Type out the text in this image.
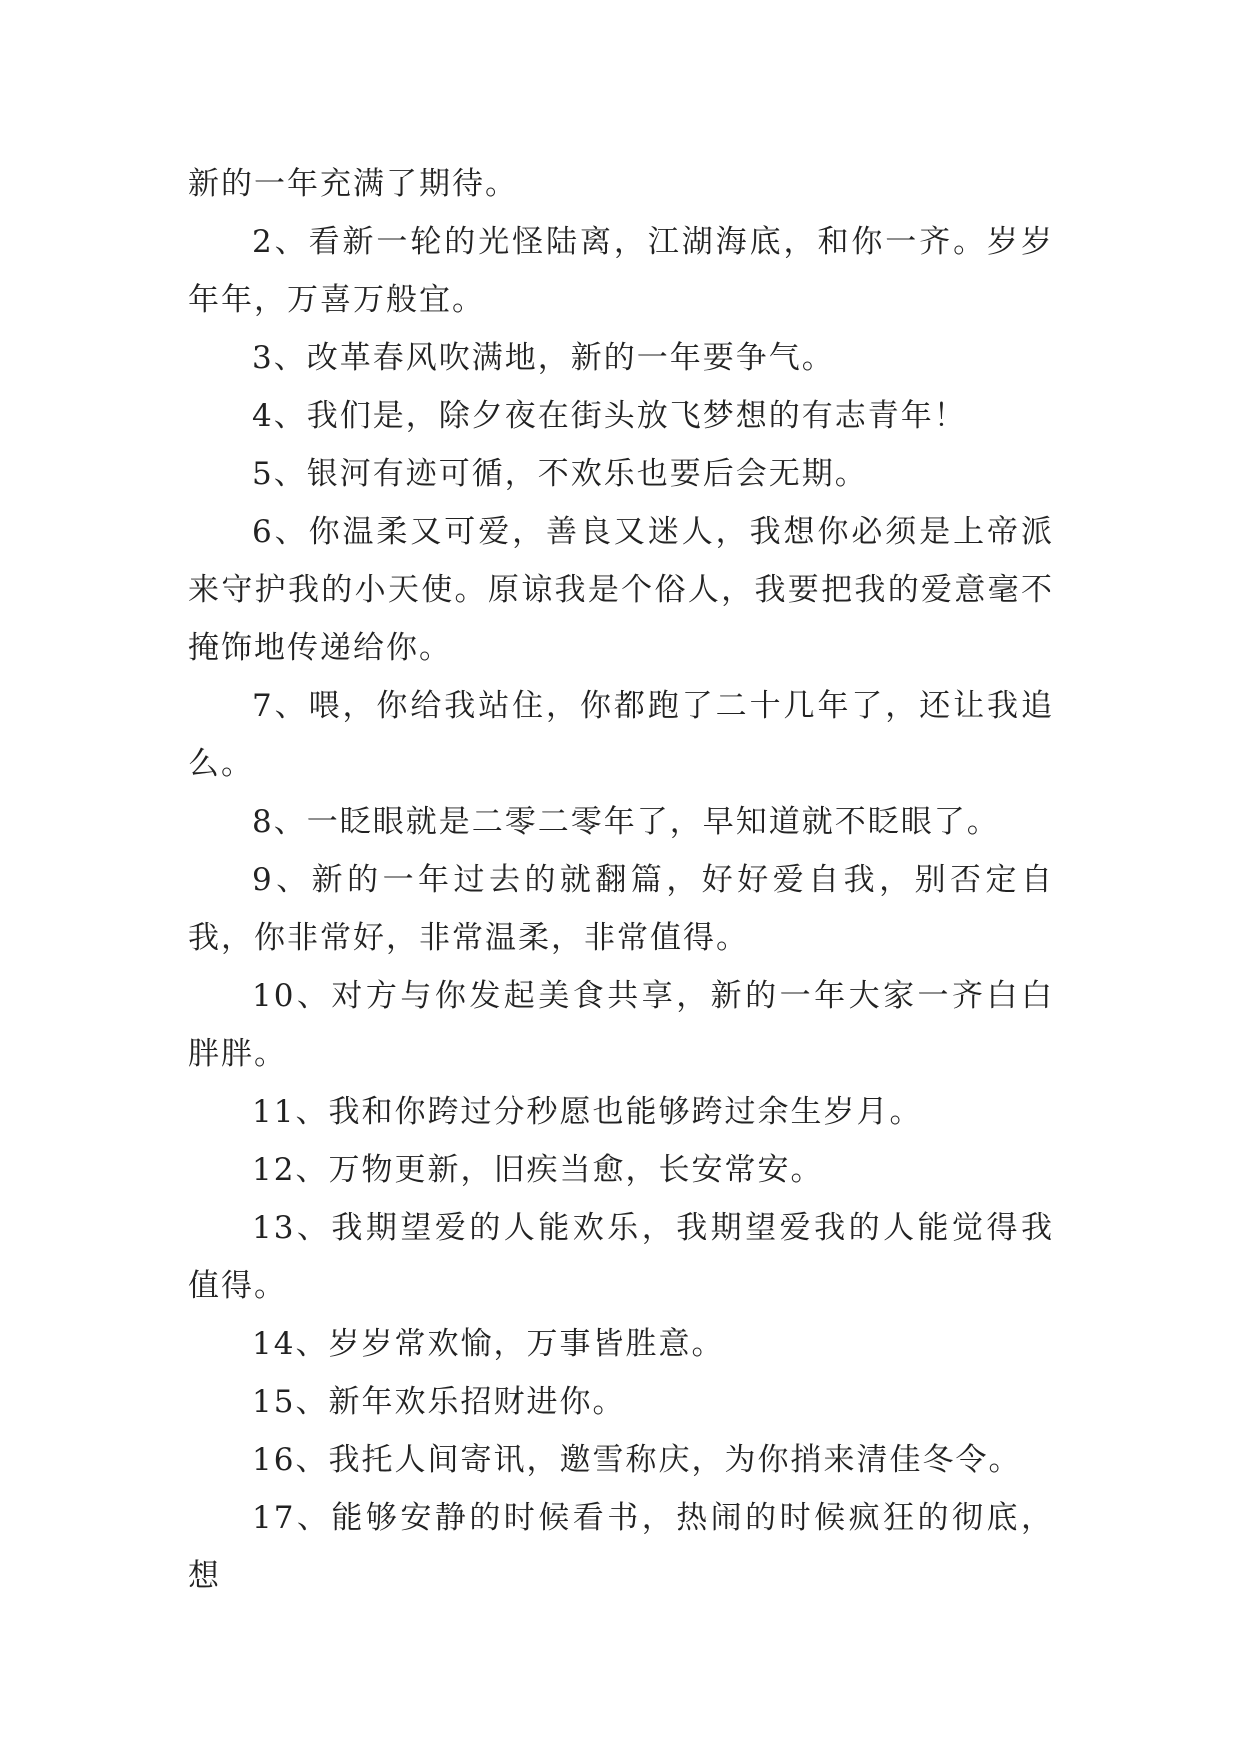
新的一年充满了期待。

2、看新一轮的光怪陆离，江湖海底，和你一齐。岁岁年年，万喜万般宜。

3、改革春风吹满地，新的一年要争气。

4、我们是，除夕夜在街头放飞梦想的有志青年！

5、银河有迹可循，不欢乐也要后会无期。

6、你温柔又可爱，善良又迷人，我想你必须是上帝派来守护我的小天使。原谅我是个俗人，我要把我的爱意毫不掩饰地传递给你。

7、喂，你给我站住，你都跑了二十几年了，还让我追么。

8、一眨眼就是二零二零年了，早知道就不眨眼了。

9、新的一年过去的就翻篇，好好爱自我，别否定自我，你非常好，非常温柔，非常值得。

10、对方与你发起美食共享，新的一年大家一齐白白胖胖。

11、我和你跨过分秒愿也能够跨过余生岁月。

12、万物更新，旧疾当愈，长安常安。

13、我期望爱的人能欢乐，我期望爱我的人能觉得我值得。

14、岁岁常欢愉，万事皆胜意。

15、新年欢乐招财进你。

16、我托人间寄讯，邀雪称庆，为你捎来清佳冬令。

17、能够安静的时候看书，热闹的时候疯狂的彻底，想
